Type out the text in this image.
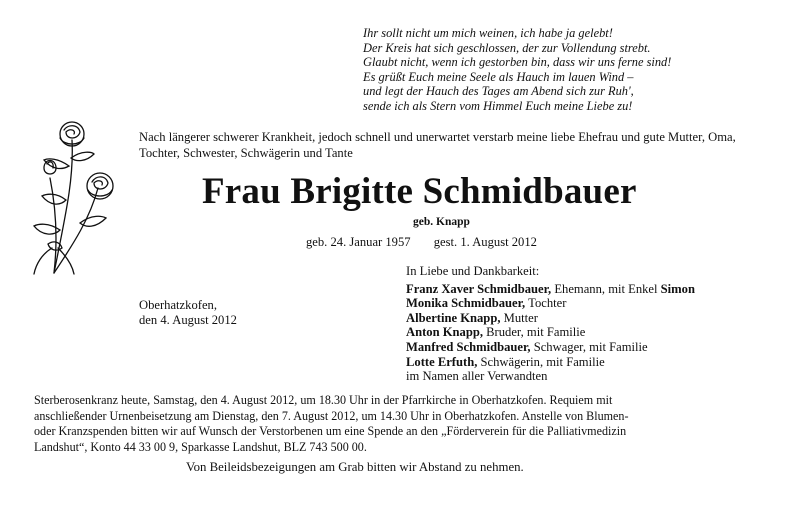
Ihr sollt nicht um mich weinen, ich habe ja gelebt!
Der Kreis hat sich geschlossen, der zur Vollendung strebt.
Glaubt nicht, wenn ich gestorben bin, dass wir uns ferne sind!
Es grüßt Euch meine Seele als Hauch im lauen Wind –
und legt der Hauch des Tages am Abend sich zur Ruh',
sende ich als Stern vom Himmel Euch meine Liebe zu!
Nach längerer schwerer Krankheit, jedoch schnell und unerwartet verstarb meine liebe Ehefrau und gute Mutter, Oma, Tochter, Schwester, Schwägerin und Tante
Frau Brigitte Schmidbauer
geb. Knapp
geb. 24. Januar 1957 gest. 1. August 2012
Oberhatzkofen,
den 4. August 2012
In Liebe und Dankbarkeit:
Franz Xaver Schmidbauer, Ehemann, mit Enkel Simon
Monika Schmidbauer, Tochter
Albertine Knapp, Mutter
Anton Knapp, Bruder, mit Familie
Manfred Schmidbauer, Schwager, mit Familie
Lotte Erfuth, Schwägerin, mit Familie
im Namen aller Verwandten
Sterberosenkranz heute, Samstag, den 4. August 2012, um 18.30 Uhr in der Pfarrkirche in Oberhatzkofen. Requiem mit
anschließender Urnenbeisetzung am Dienstag, den 7. August 2012, um 14.30 Uhr in Oberhatzkofen. Anstelle von Blumen-
oder Kranzspenden bitten wir auf Wunsch der Verstorbenen um eine Spende an den „Förderverein für die Palliativmedizin
Landshut“, Konto 44 33 00 9, Sparkasse Landshut, BLZ 743 500 00.
Von Beileidsbezeigungen am Grab bitten wir Abstand zu nehmen.
